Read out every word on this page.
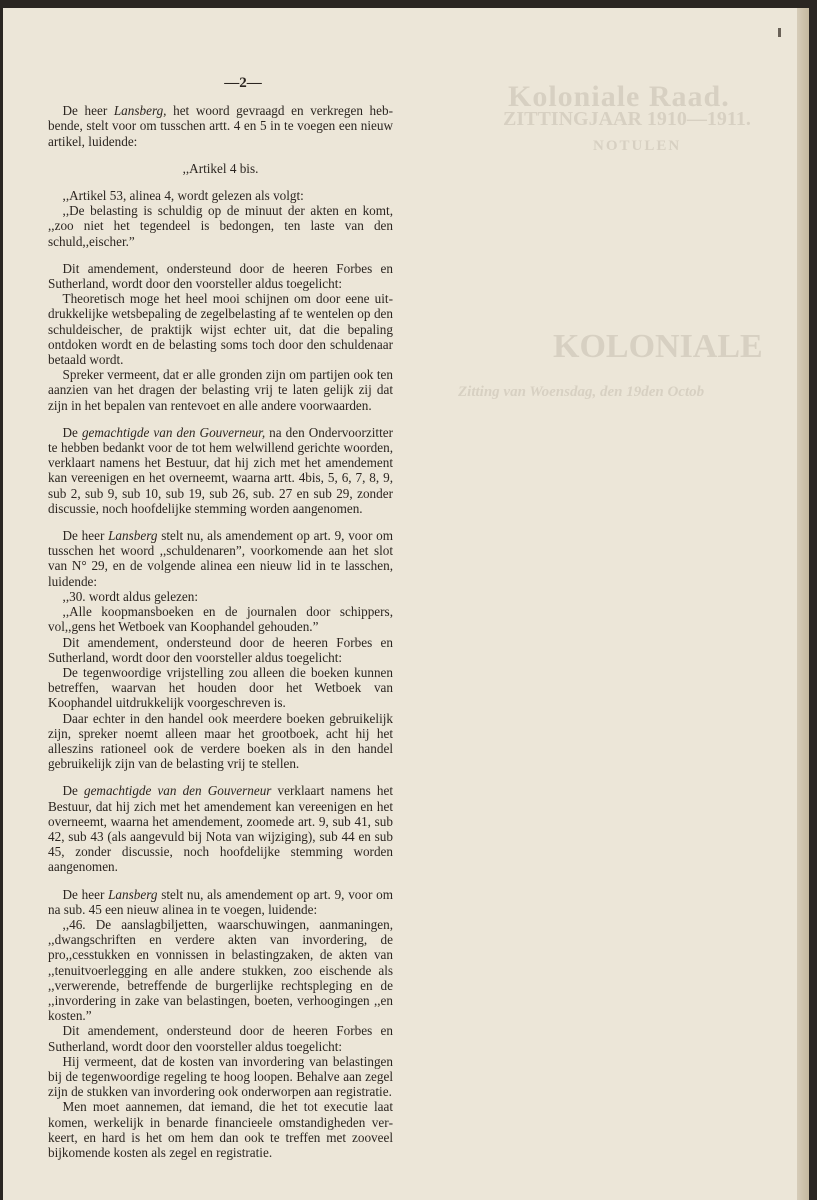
Koloniale Raad.
ZITTINGJAAR 1910—1911.
NOTULEN
KOLONIALE
Zitting van Woensdag, den 19den Octob
—2—

De heer Lansberg, het woord gevraagd en verkregen hebbende, stelt voor om tusschen artt. 4 en 5 in te voegen een nieuw artikel, luidende:

,,Artikel 4 bis.

,,Artikel 53, alinea 4, wordt gelezen als volgt:

,,De belasting is schuldig op de minuut der akten en komt, ,,zoo niet het tegendeel is bedongen, ten laste van den schuld,,eischer.”

Dit amendement, ondersteund door de heeren Forbes en Sutherland, wordt door den voorsteller aldus toegelicht:

Theoretisch moge het heel mooi schijnen om door eene uitdrukkelijke wetsbepaling de zegelbelasting af te wentelen op den schuldeischer, de praktijk wijst echter uit, dat die bepaling ontdoken wordt en de belasting soms toch door den schuldenaar betaald wordt.

Spreker vermeent, dat er alle gronden zijn om partijen ook ten aanzien van het dragen der belasting vrij te laten gelijk zij dat zijn in het bepalen van rentevoet en alle andere voorwaarden.

De gemachtigde van den Gouverneur, na den Ondervoorzitter te hebben bedankt voor de tot hem welwillend gerichte woorden, verklaart namens het Bestuur, dat hij zich met het amendement kan vereenigen en het overneemt, waarna artt. 4bis, 5, 6, 7, 8, 9, sub 2, sub 9, sub 10, sub 19, sub 26, sub. 27 en sub 29, zonder discussie, noch hoofdelijke stemming worden aangenomen.

De heer Lansberg stelt nu, als amendement op art. 9, voor om tusschen het woord ,,schuldenaren”, voorkomende aan het slot van N° 29, en de volgende alinea een nieuw lid in te lasschen, luidende:

,,30. wordt aldus gelezen:

,,Alle koopmansboeken en de journalen door schippers, vol,,gens het Wetboek van Koophandel gehouden.”

Dit amendement, ondersteund door de heeren Forbes en Sutherland, wordt door den voorsteller aldus toegelicht:

De tegenwoordige vrijstelling zou alleen die boeken kunnen betreffen, waarvan het houden door het Wetboek van Koophandel uitdrukkelijk voorgeschreven is.

Daar echter in den handel ook meerdere boeken gebruikelijk zijn, spreker noemt alleen maar het grootboek, acht hij het alleszins rationeel ook de verdere boeken als in den handel gebruikelijk zijn van de belasting vrij te stellen.

De gemachtigde van den Gouverneur verklaart namens het Bestuur, dat hij zich met het amendement kan vereenigen en het overneemt, waarna het amendement, zoomede art. 9, sub 41, sub 42, sub 43 (als aangevuld bij Nota van wijziging), sub 44 en sub 45, zonder discussie, noch hoofdelijke stemming worden aangenomen.

De heer Lansberg stelt nu, als amendement op art. 9, voor om na sub. 45 een nieuw alinea in te voegen, luidende:

,,46. De aanslagbiljetten, waarschuwingen, aanmaningen, ,,dwangschriften en verdere akten van invordering, de pro,,cesstukken en vonnissen in belastingzaken, de akten van ,,tenuitvoerlegging en alle andere stukken, zoo eischende als ,,verwerende, betreffende de burgerlijke rechtspleging en de ,,invordering in zake van belastingen, boeten, verhoogingen ,,en kosten.”

Dit amendement, ondersteund door de heeren Forbes en Sutherland, wordt door den voorsteller aldus toegelicht:

Hij vermeent, dat de kosten van invordering van belastingen bij de tegenwoordige regeling te hoog loopen. Behalve aan zegel zijn de stukken van invordering ook onderworpen aan registratie.

Men moet aannemen, dat iemand, die het tot executie laat komen, werkelijk in benarde financieele omstandigheden verkeert, en hard is het om hem dan ook te treffen met zooveel bijkomende kosten als zegel en registratie.
